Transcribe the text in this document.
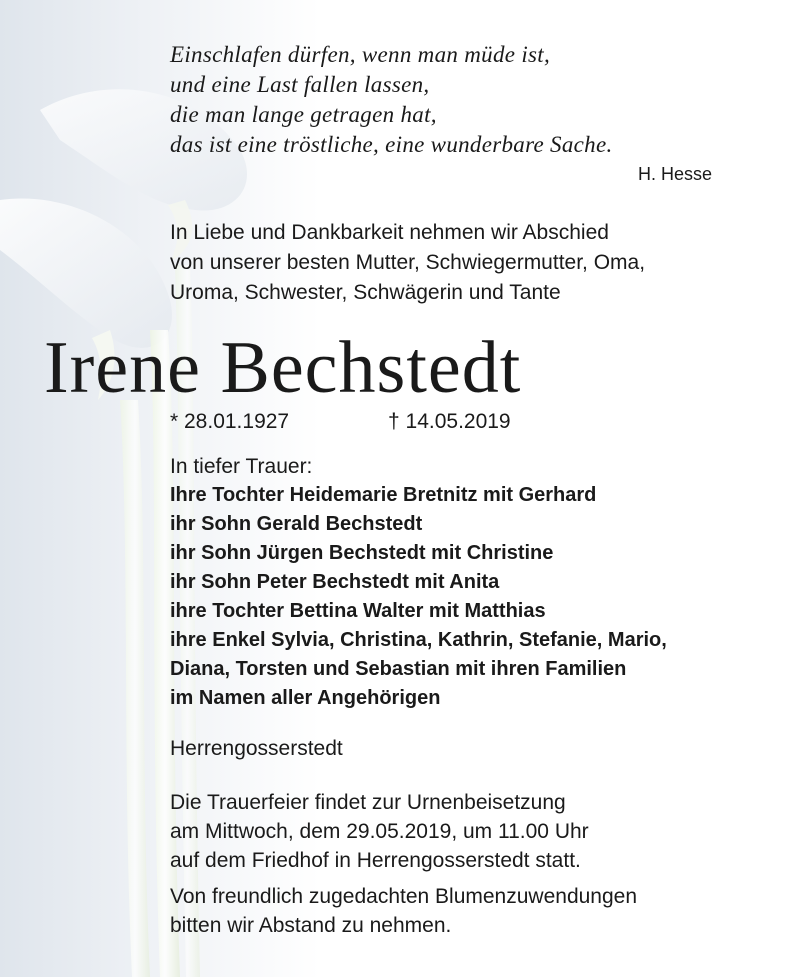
Einschlafen dürfen, wenn man müde ist,
und eine Last fallen lassen,
die man lange getragen hat,
das ist eine tröstliche, eine wunderbare Sache.
H. Hesse
In Liebe und Dankbarkeit nehmen wir Abschied
von unserer besten Mutter, Schwiegermutter, Oma,
Uroma, Schwester, Schwägerin und Tante
Irene Bechstedt
* 28.01.1927	† 14.05.2019
In tiefer Trauer:
Ihre Tochter Heidemarie Bretnitz mit Gerhard
ihr Sohn Gerald Bechstedt
ihr Sohn Jürgen Bechstedt mit Christine
ihr Sohn Peter Bechstedt mit Anita
ihre Tochter Bettina Walter mit Matthias
ihre Enkel Sylvia, Christina, Kathrin, Stefanie, Mario,
Diana, Torsten und Sebastian mit ihren Familien
im Namen aller Angehörigen
Herrengosserstedt
Die Trauerfeier findet zur Urnenbeisetzung
am Mittwoch, dem 29.05.2019, um 11.00 Uhr
auf dem Friedhof in Herrengosserstedt statt.
Von freundlich zugedachten Blumenzuwendungen
bitten wir Abstand zu nehmen.
